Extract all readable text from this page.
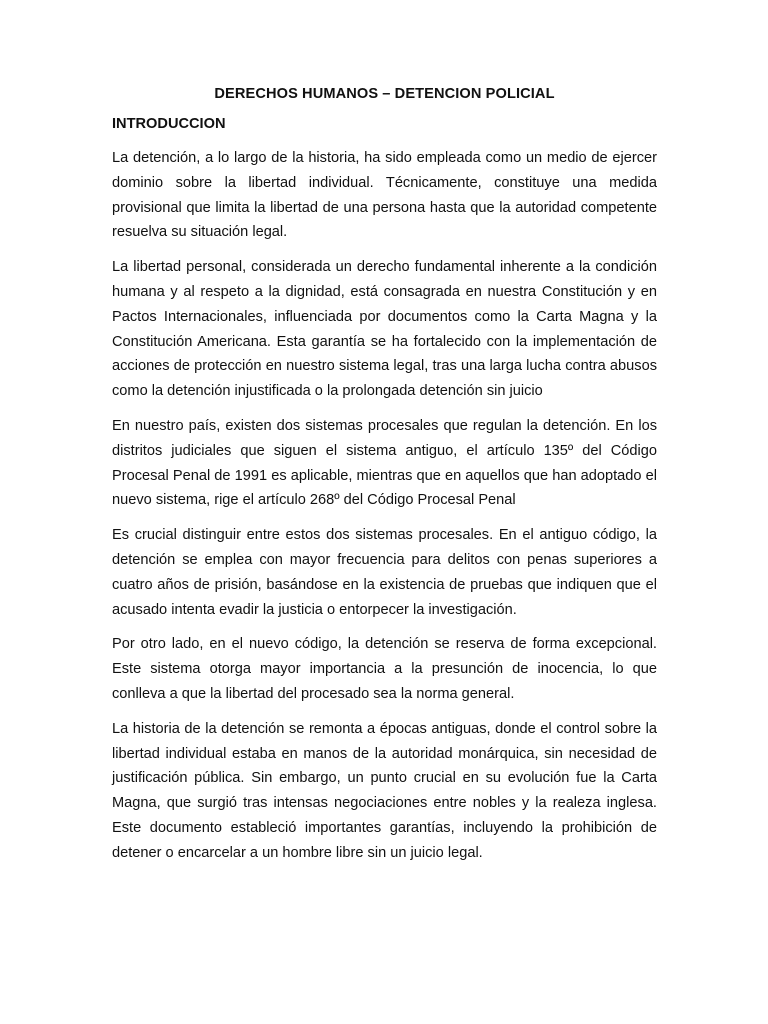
DERECHOS HUMANOS – DETENCION POLICIAL
INTRODUCCION

La detención, a lo largo de la historia, ha sido empleada como un medio de ejercer dominio sobre la libertad individual. Técnicamente, constituye una medida provisional que limita la libertad de una persona hasta que la autoridad competente resuelva su situación legal.

La libertad personal, considerada un derecho fundamental inherente a la condición humana y al respeto a la dignidad, está consagrada en nuestra Constitución y en Pactos Internacionales, influenciada por documentos como la Carta Magna y la Constitución Americana. Esta garantía se ha fortalecido con la implementación de acciones de protección en nuestro sistema legal, tras una larga lucha contra abusos como la detención injustificada o la prolongada detención sin juicio

En nuestro país, existen dos sistemas procesales que regulan la detención. En los distritos judiciales que siguen el sistema antiguo, el artículo 135º del Código Procesal Penal de 1991 es aplicable, mientras que en aquellos que han adoptado el nuevo sistema, rige el artículo 268º del Código Procesal Penal

Es crucial distinguir entre estos dos sistemas procesales. En el antiguo código, la detención se emplea con mayor frecuencia para delitos con penas superiores a cuatro años de prisión, basándose en la existencia de pruebas que indiquen que el acusado intenta evadir la justicia o entorpecer la investigación.

Por otro lado, en el nuevo código, la detención se reserva de forma excepcional. Este sistema otorga mayor importancia a la presunción de inocencia, lo que conlleva a que la libertad del procesado sea la norma general.

La historia de la detención se remonta a épocas antiguas, donde el control sobre la libertad individual estaba en manos de la autoridad monárquica, sin necesidad de justificación pública. Sin embargo, un punto crucial en su evolución fue la Carta Magna, que surgió tras intensas negociaciones entre nobles y la realeza inglesa. Este documento estableció importantes garantías, incluyendo la prohibición de detener o encarcelar a un hombre libre sin un juicio legal.
